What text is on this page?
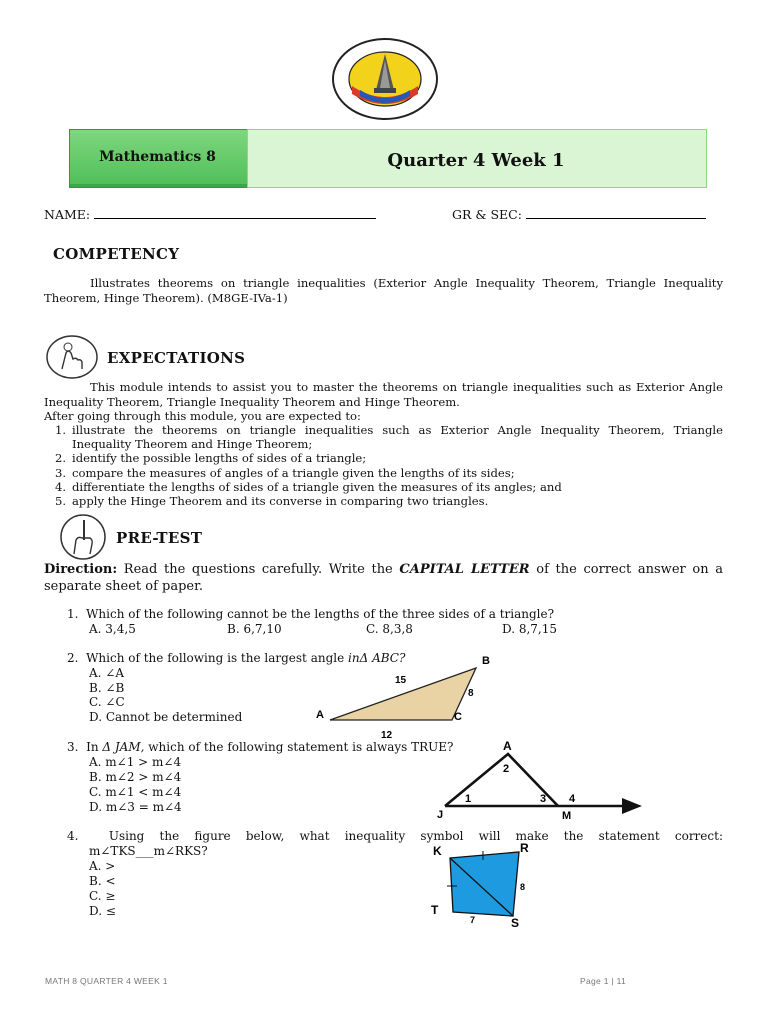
Mathematics 8	Quarter 4 Week 1
NAME:	GR & SEC:
COMPETENCY
Illustrates theorems on triangle inequalities (Exterior Angle Inequality Theorem, Triangle Inequality Theorem, Hinge Theorem). (M8GE-IVa-1)
EXPECTATIONS
This module intends to assist you to master the theorems on triangle inequalities such as Exterior Angle Inequality Theorem, Triangle Inequality Theorem and Hinge Theorem.
After going through this module, you are expected to:
1. illustrate the theorems on triangle inequalities such as Exterior Angle Inequality Theorem, Triangle Inequality Theorem and Hinge Theorem;
2. identify the possible lengths of sides of a triangle;
3. compare the measures of angles of a triangle given the lengths of its sides;
4. differentiate the lengths of sides of a triangle given the measures of its angles; and
5. apply the Hinge Theorem and its converse in comparing two triangles.
PRE-TEST
Direction: Read the questions carefully. Write the CAPITAL LETTER of the correct answer on a separate sheet of paper.
1. Which of the following cannot be the lengths of the three sides of a triangle?
A. 3,4,5	B. 6,7,10	C. 8,3,8	D. 8,7,15
2. Which of the following is the largest angle inΔ ABC?
A. ∠A
B. ∠B
C. ∠C
D. Cannot be determined
B
15
8
A	C
12
3. In Δ JAM, which of the following statement is always TRUE?
A. m∠1 > m∠4
B. m∠2 > m∠4
C. m∠1 < m∠4
D. m∠3 = m∠4
A
2
1	3 4
J	M
4.	Using the figure below, what inequality symbol will make the statement correct:
m∠TKS___m∠RKS?
A. >
B. <
C. ≥
D. ≤
K	R
8
T
7	S
MATH 8 QUARTER 4 WEEK 1	Page 1 | 11
